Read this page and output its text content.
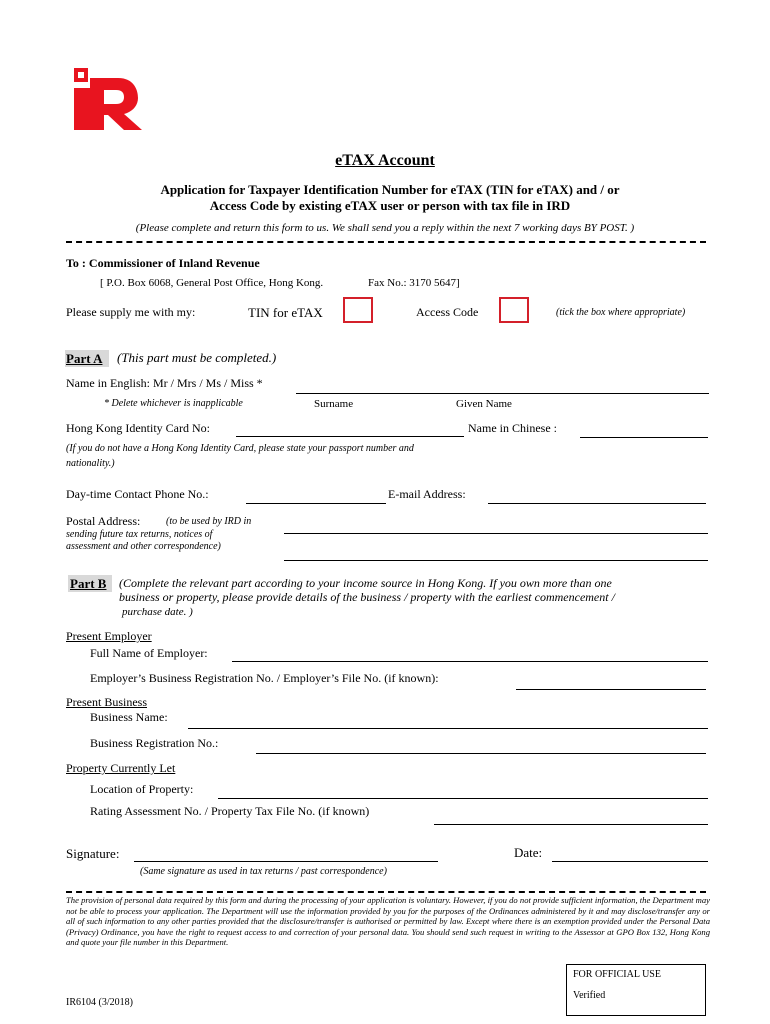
eTAX Account
Application for Taxpayer Identification Number for eTAX (TIN for eTAX) and / or
Access Code by existing eTAX user or person with tax file in IRD
(Please complete and return this form to us. We shall send you a reply within the next 7 working days BY POST. )
To : Commissioner of Inland Revenue
[ P.O. Box 6068, General Post Office, Hong Kong.	Fax No.: 3170 5647]
Please supply me with my:	TIN for eTAX	Access Code	(tick the box where appropriate)
Part A (This part must be completed.)
Name in English: Mr / Mrs / Ms / Miss *
* Delete whichever is inapplicable	Surname	Given Name
Hong Kong Identity Card No:	Name in Chinese :
(If you do not have a Hong Kong Identity Card, please state your passport number and
nationality.)
Day-time Contact Phone No.:	E-mail Address:
Postal Address:	(to be used by IRD in
sending future tax returns, notices of
assessment and other correspondence)
Part B (Complete the relevant part according to your income source in Hong Kong. If you own more than one
business or property, please provide details of the business / property with the earliest commencement /
purchase date. )
Present Employer
Full Name of Employer:
Employer’s Business Registration No. / Employer’s File No. (if known):
Present Business
Business Name:
Business Registration No.:
Property Currently Let
Location of Property:
Rating Assessment No. / Property Tax File No. (if known)
Signature:	Date:
(Same signature as used in tax returns / past correspondence)
The provision of personal data required by this form and during the processing of your application is voluntary. However, if you do not provide sufficient information, the Department may not be able to process your application. The Department will use the information provided by you for the purposes of the Ordinances administered by it and may disclose/transfer any or all of such information to any other parties provided that the disclosure/transfer is authorised or permitted by law. Except where there is an exemption provided under the Personal Data (Privacy) Ordinance, you have the right to request access to and correction of your personal data. You should send such request in writing to the Assessor at GPO Box 132, Hong Kong and quote your file number in this Department.
IR6104 (3/2018)
FOR OFFICIAL USE
Verified
